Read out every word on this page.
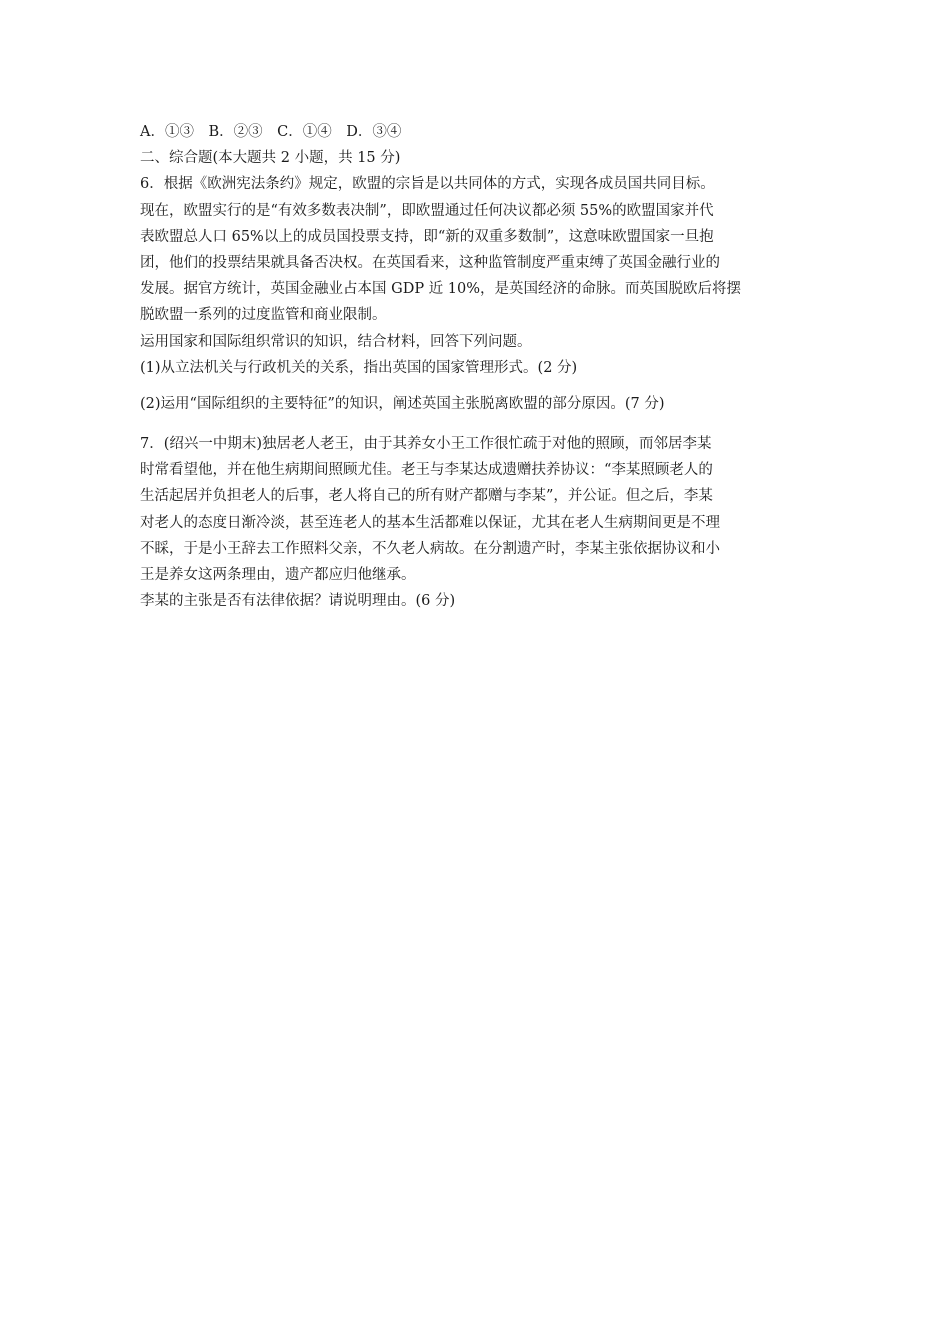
A．①③　B．②③　C．①④　D．③④
二、综合题(本大题共 2 小题，共 15 分)
6．根据《欧洲宪法条约》规定，欧盟的宗旨是以共同体的方式，实现各成员国共同目标。
现在，欧盟实行的是“有效多数表决制”，即欧盟通过任何决议都必须 55%的欧盟国家并代
表欧盟总人口 65%以上的成员国投票支持，即“新的双重多数制”，这意味欧盟国家一旦抱
团，他们的投票结果就具备否决权。在英国看来，这种监管制度严重束缚了英国金融行业的
发展。据官方统计，英国金融业占本国 GDP 近 10%，是英国经济的命脉。而英国脱欧后将摆
脱欧盟一系列的过度监管和商业限制。
运用国家和国际组织常识的知识，结合材料，回答下列问题。
(1)从立法机关与行政机关的关系，指出英国的国家管理形式。(2 分)
(2)运用“国际组织的主要特征”的知识，阐述英国主张脱离欧盟的部分原因。(7 分)
7．(绍兴一中期末)独居老人老王，由于其养女小王工作很忙疏于对他的照顾，而邻居李某
时常看望他，并在他生病期间照顾尤佳。老王与李某达成遗赠扶养协议：“李某照顾老人的
生活起居并负担老人的后事，老人将自己的所有财产都赠与李某”，并公证。但之后，李某
对老人的态度日渐冷淡，甚至连老人的基本生活都难以保证，尤其在老人生病期间更是不理
不睬，于是小王辞去工作照料父亲，不久老人病故。在分割遗产时，李某主张依据协议和小
王是养女这两条理由，遗产都应归他继承。
李某的主张是否有法律依据？请说明理由。(6 分)
